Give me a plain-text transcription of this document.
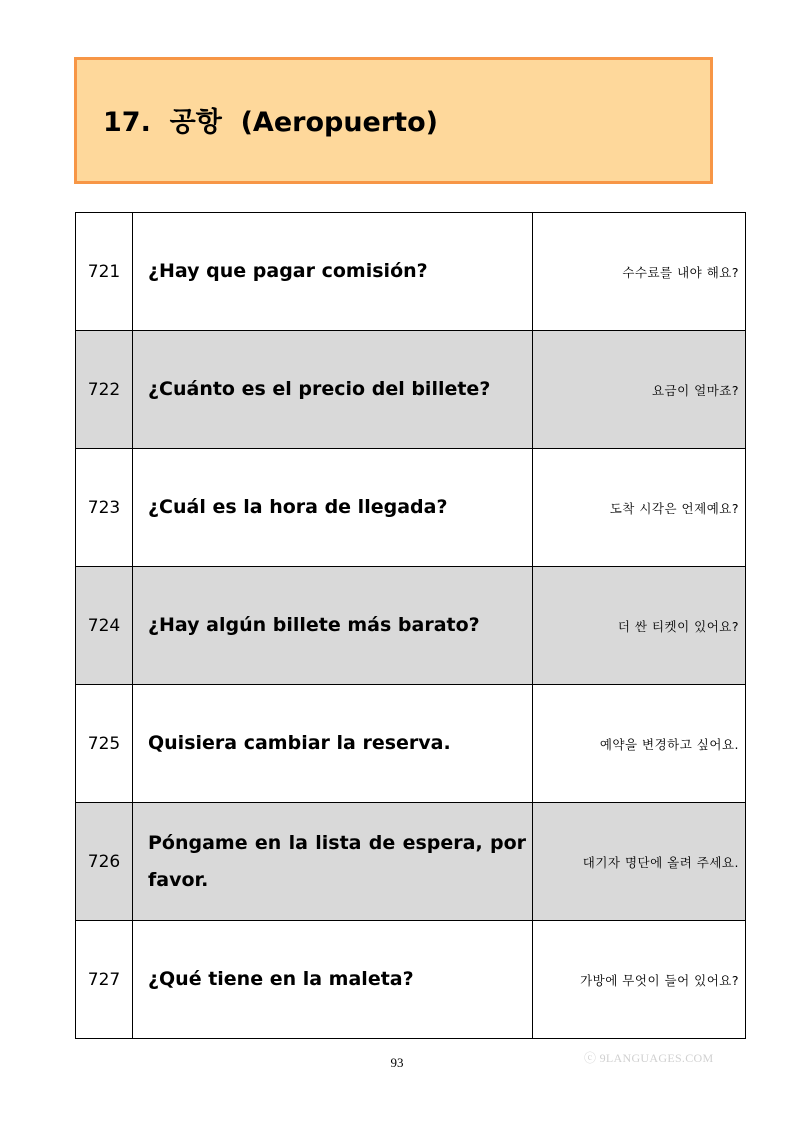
17.  공항  (Aeropuerto)
721	¿Hay que pagar comisión?	수수료를 내야 해요?
722	¿Cuánto es el precio del billete?	요금이 얼마죠?
723	¿Cuál es la hora de llegada?	도착 시각은 언제예요?
724	¿Hay algún billete más barato?	더 싼 티켓이 있어요?
725	Quisiera cambiar la reserva.	예약을 변경하고 싶어요.
726	Póngame en la lista de espera, por favor.	대기자 명단에 올려 주세요.
727	¿Qué tiene en la maleta?	가방에 무엇이 들어 있어요?
ⓒ 9LANGUAGES.COM
93
